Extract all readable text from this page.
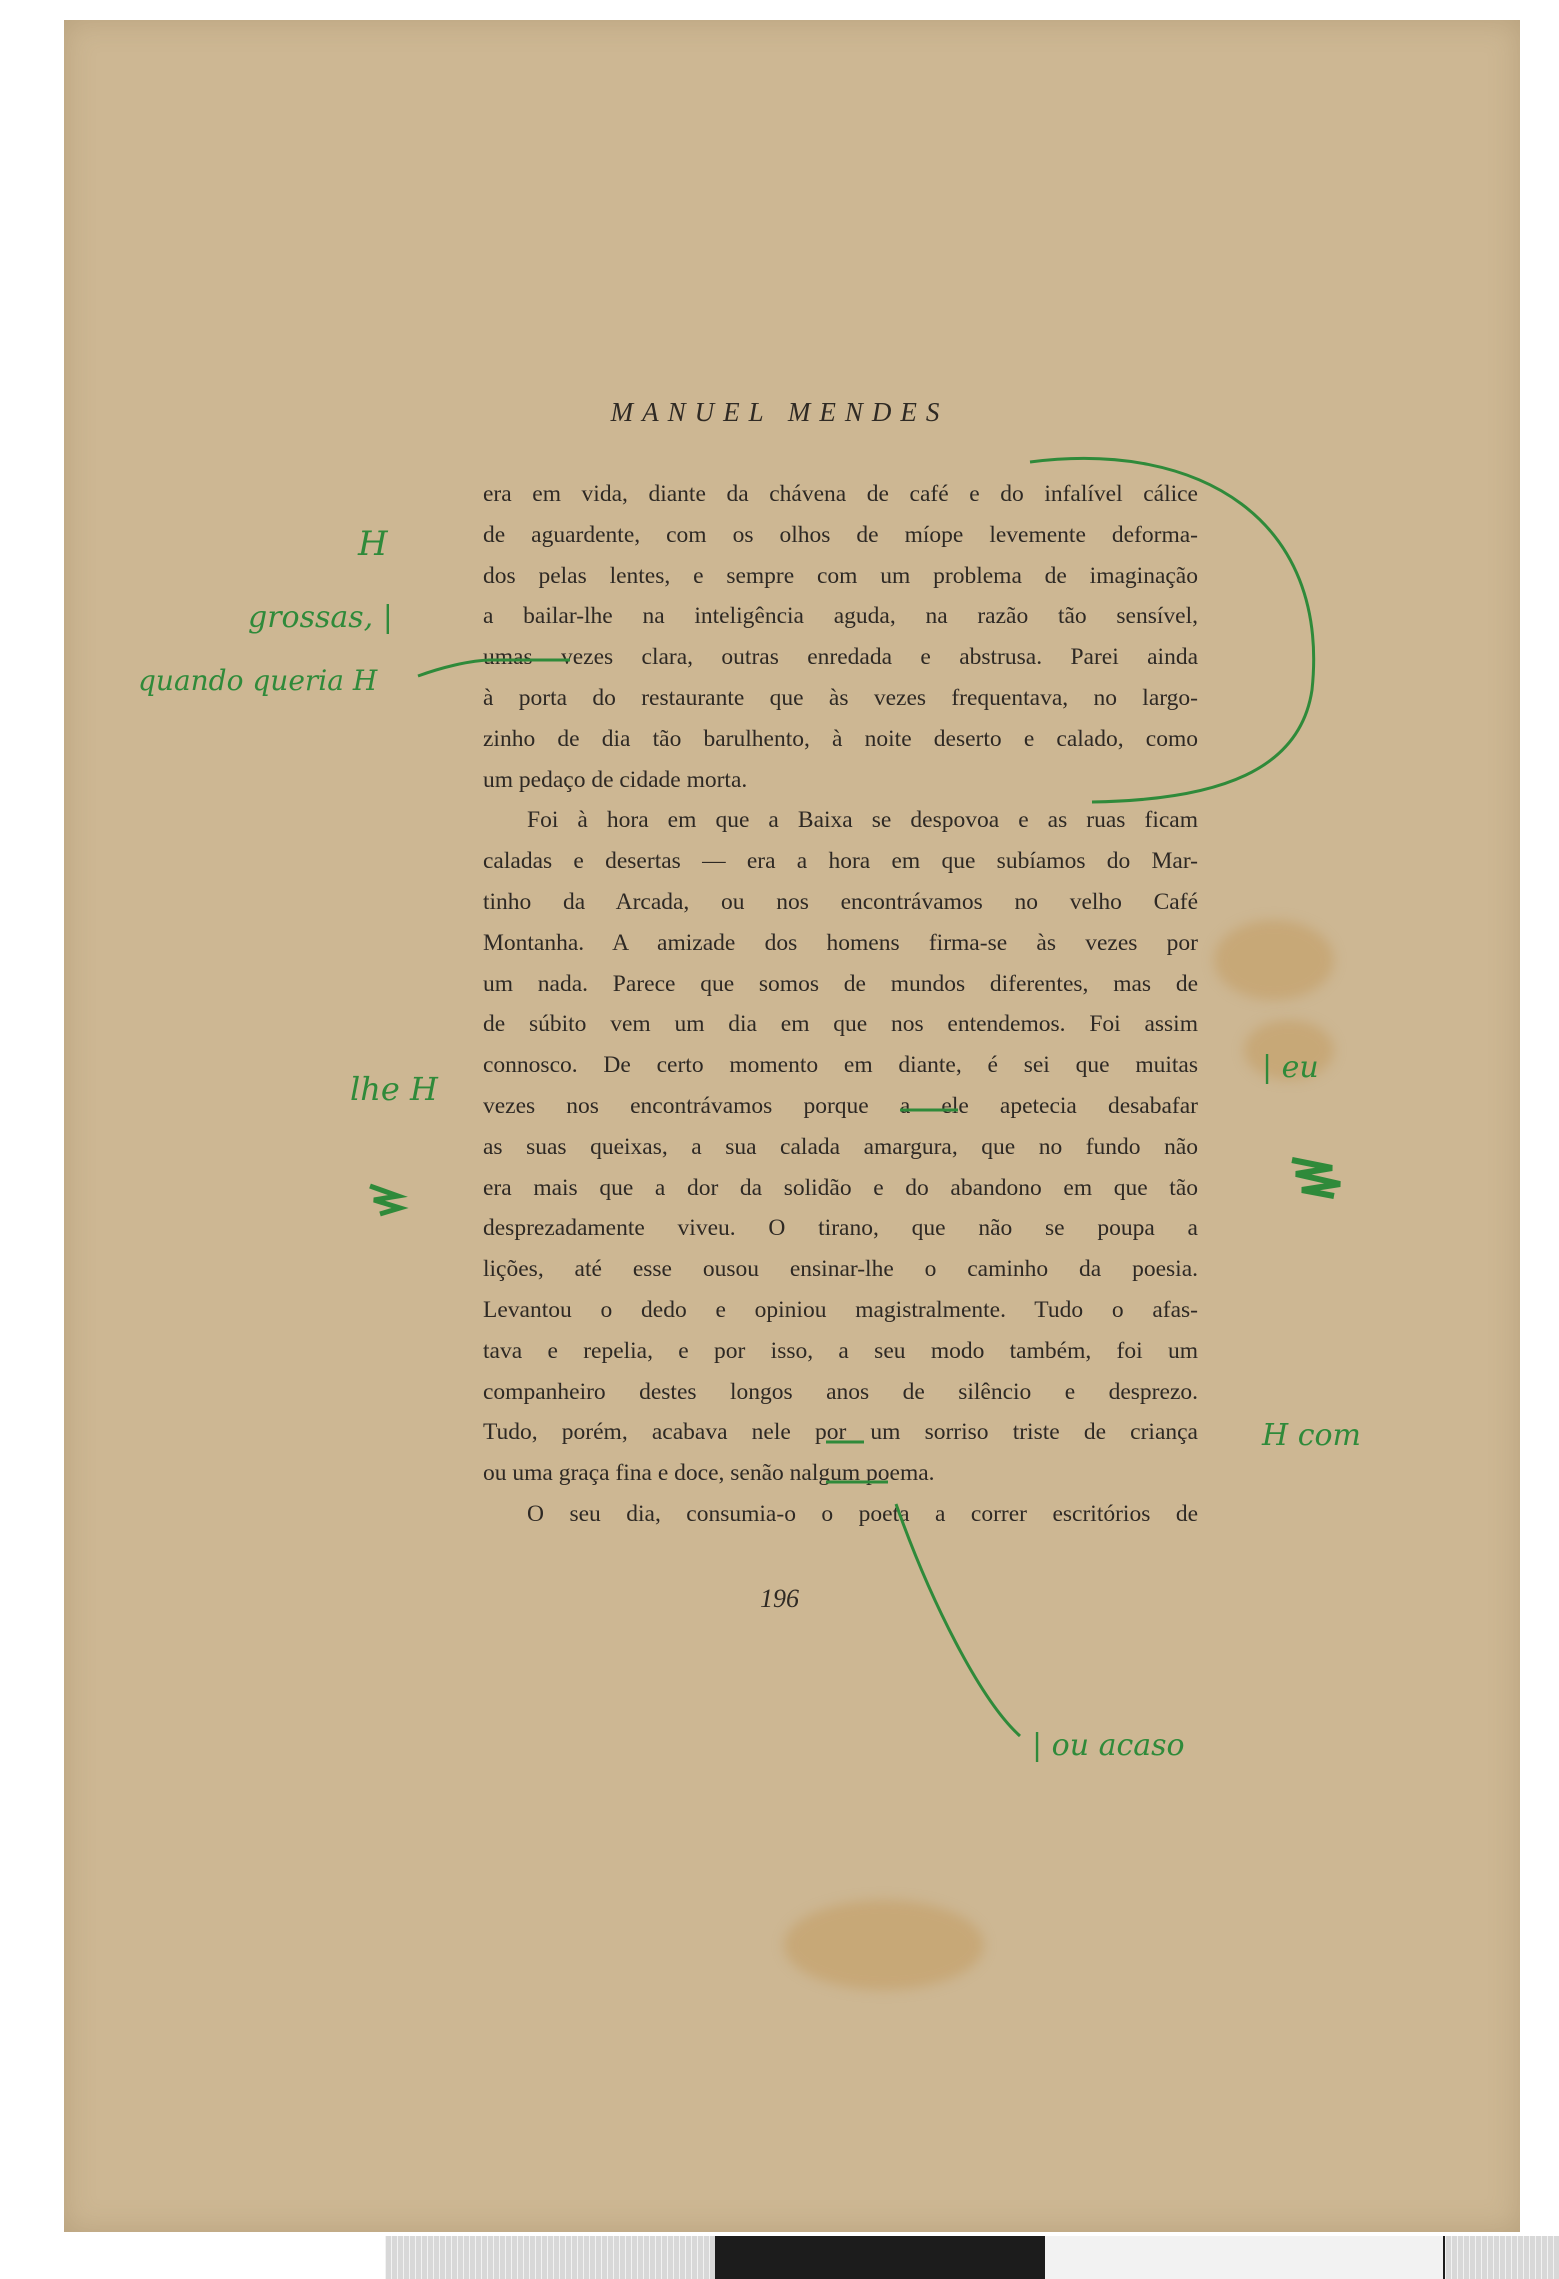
MANUEL MENDES
era em vida, diante da chávena de café e do infalível cálice
de aguardente, com os olhos de míope levemente deforma-
dos pelas lentes, e sempre com um problema de imaginação
a bailar-lhe na inteligência aguda, na razão tão sensível,
umas vezes clara, outras enredada e abstrusa. Parei ainda
à porta do restaurante que às vezes frequentava, no largo-
zinho de dia tão barulhento, à noite deserto e calado, como
um pedaço de cidade morta.
Foi à hora em que a Baixa se despovoa e as ruas ficam
caladas e desertas — era a hora em que subíamos do Mar-
tinho da Arcada, ou nos encontrávamos no velho Café
Montanha. A amizade dos homens firma-se às vezes por
um nada. Parece que somos de mundos diferentes, mas de
de súbito vem um dia em que nos entendemos. Foi assim
connosco. De certo momento em diante, é sei que muitas
vezes nos encontrávamos porque a ele apetecia desabafar
as suas queixas, a sua calada amargura, que no fundo não
era mais que a dor da solidão e do abandono em que tão
desprezadamente viveu. O tirano, que não se poupa a
lições, até esse ousou ensinar-lhe o caminho da poesia.
Levantou o dedo e opiniou magistralmente. Tudo o afas-
tava e repelia, e por isso, a seu modo também, foi um
companheiro destes longos anos de silêncio e desprezo.
Tudo, porém, acabava nele por um sorriso triste de criança
ou uma graça fina e doce, senão nalgum poema.
O seu dia, consumia-o o poeta a correr escritórios de
196
H
grossas, |
quando queria H
lhe H
| eu
H com
| ou acaso
